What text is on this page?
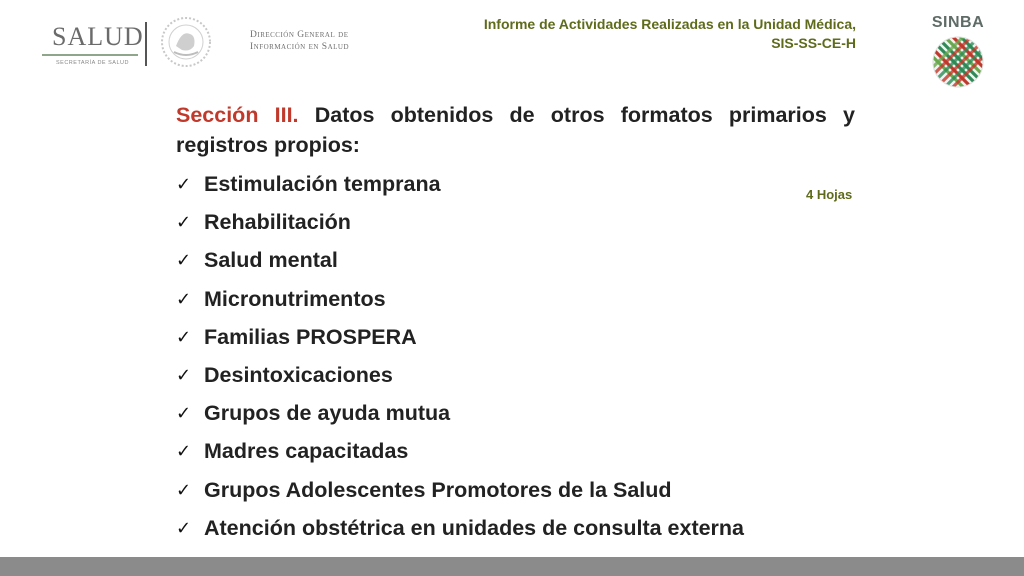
SALUD
SECRETARÍA DE SALUD
Dirección General de
Información en Salud
Informe de Actividades Realizadas en la Unidad Médica,
SIS-SS-CE-H
SINBA
4 Hojas
Sección III. Datos obtenidos de otros formatos primarios y registros propios:
✓ Estimulación temprana
✓ Rehabilitación
✓ Salud mental
✓ Micronutrimentos
✓ Familias PROSPERA
✓ Desintoxicaciones
✓ Grupos de ayuda mutua
✓ Madres capacitadas
✓ Grupos Adolescentes Promotores de la Salud
✓ Atención obstétrica en unidades de consulta externa
